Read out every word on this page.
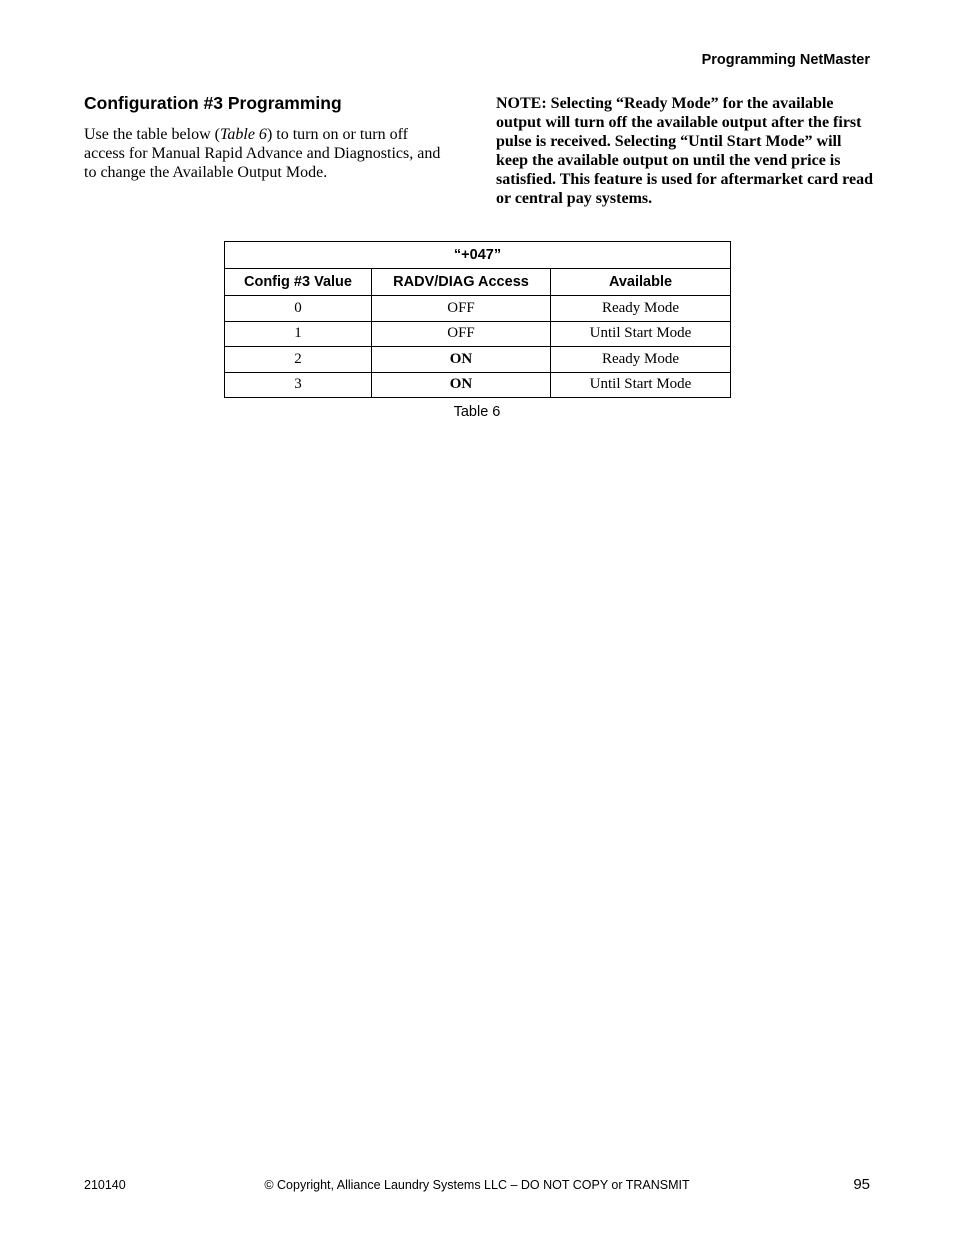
Programming NetMaster
Configuration #3 Programming

Use the table below (Table 6) to turn on or turn off access for Manual Rapid Advance and Diagnostics, and to change the Available Output Mode.

NOTE: Selecting “Ready Mode” for the available output will turn off the available output after the first pulse is received. Selecting “Until Start Mode” will keep the available output on until the vend price is satisfied. This feature is used for aftermarket card read or central pay systems.

“+047”		
Config #3 Value	RADV/DIAG Access	Available
0	OFF	Ready Mode
1	OFF	Until Start Mode
2	ON	Ready Mode
3	ON	Until Start Mode
Table 6
210140	© Copyright, Alliance Laundry Systems LLC – DO NOT COPY or TRANSMIT	95
